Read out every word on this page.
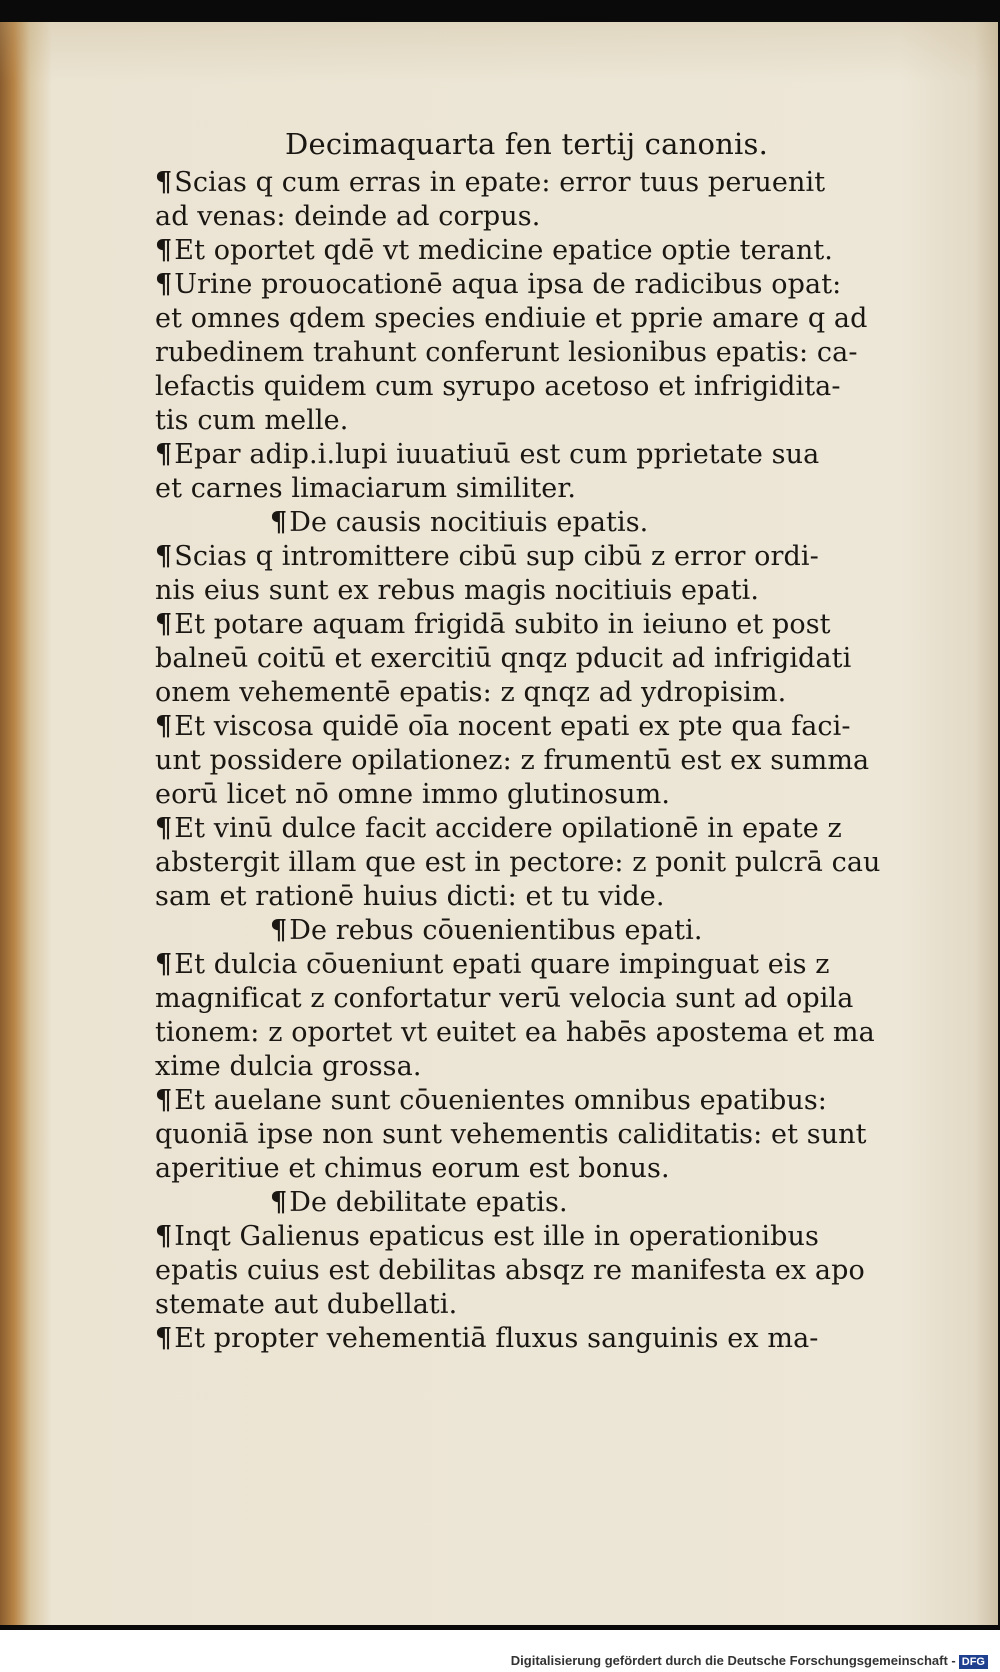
Decimaquarta fen tertij canonis.
¶Scias q cum erras in epate: error tuus peruenit
ad venas: deinde ad corpus.
¶Et oportet qdē vt medicine epatice optie terant.
¶Urine prouocationē aqua ipsa de radicibus opat:
et omnes qdem species endiuie et pprie amare q ad
rubedinem trahunt conferunt lesionibus epatis: ca-
lefactis quidem cum syrupo acetoso et infrigidita-
tis cum melle.
¶Epar adip.i.lupi iuuatiuū est cum pprietate sua
et carnes limaciarum similiter.
¶De causis nocitiuis epatis.
¶Scias q intromittere cibū sup cibū z error ordi-
nis eius sunt ex rebus magis nocitiuis epati.
¶Et potare aquam frigidā subito in ieiuno et post
balneū coitū et exercitiū qnqz pducit ad infrigidati
onem vehementē epatis: z qnqz ad ydropisim.
¶Et viscosa quidē oīa nocent epati ex pte qua faci-
unt possidere opilationez: z frumentū est ex summa
eorū licet nō omne immo glutinosum.
¶Et vinū dulce facit accidere opilationē in epate z
abstergit illam que est in pectore: z ponit pulcrā cau
sam et rationē huius dicti: et tu vide.
¶De rebus cōuenientibus epati.
¶Et dulcia cōueniunt epati quare impinguat eis z
magnificat z confortatur verū velocia sunt ad opila
tionem: z oportet vt euitet ea habēs apostema et ma
xime dulcia grossa.
¶Et auelane sunt cōuenientes omnibus epatibus:
quoniā ipse non sunt vehementis caliditatis: et sunt
aperitiue et chimus eorum est bonus.
¶De debilitate epatis.
¶Inqt Galienus epaticus est ille in operationibus
epatis cuius est debilitas absqz re manifesta ex apo
stemate aut dubellati.
¶Et propter vehementiā fluxus sanguinis ex ma-
Digitalisierung gefördert durch die Deutsche Forschungsgemeinschaft - DFG
